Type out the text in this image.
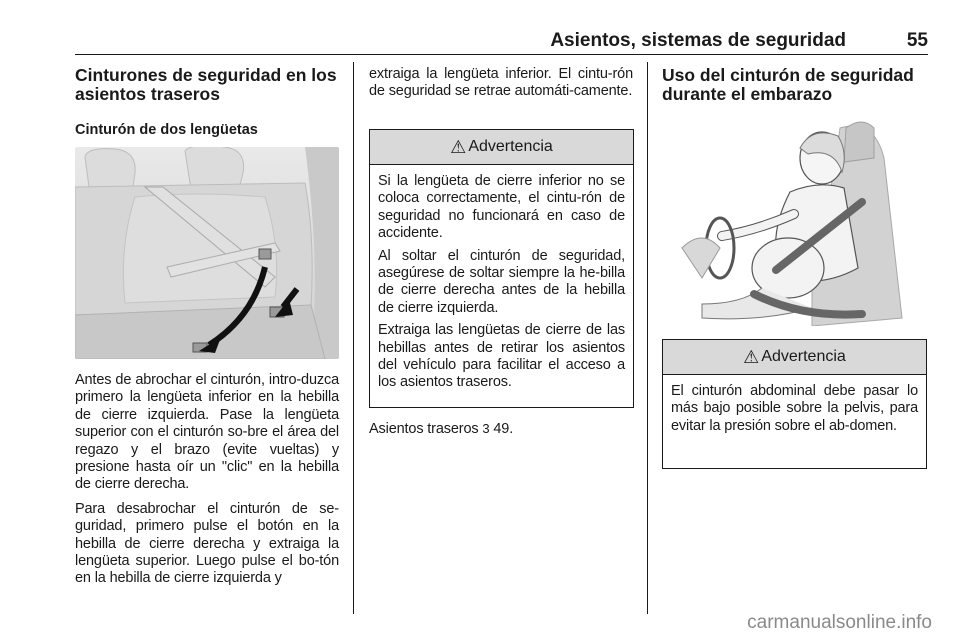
Asientos, sistemas de seguridad	55
Cinturones de seguridad en los asientos traseros
Cinturón de dos lengüetas

Antes de abrochar el cinturón, intro-duzca primero la lengüeta inferior en la hebilla de cierre izquierda. Pase la lengüeta superior con el cinturón so-bre el área del regazo y el brazo (evite vueltas) y presione hasta oír un "clic" en la hebilla de cierre derecha.

Para desabrochar el cinturón de se-guridad, primero pulse el botón en la hebilla de cierre derecha y extraiga la lengüeta superior. Luego pulse el bo-tón en la hebilla de cierre izquierda y

extraiga la lengüeta inferior. El cintu-rón de seguridad se retrae automáti-camente.

⚠ Advertencia

Si la lengüeta de cierre inferior no se coloca correctamente, el cintu-rón de seguridad no funcionará en caso de accidente.

Al soltar el cinturón de seguridad, asegúrese de soltar siempre la he-billa de cierre derecha antes de la hebilla de cierre izquierda.

Extraiga las lengüetas de cierre de las hebillas antes de retirar los asientos del vehículo para facilitar el acceso a los asientos traseros.

Asientos traseros 3 49.

Uso del cinturón de seguridad durante el embarazo
⚠ Advertencia

El cinturón abdominal debe pasar lo más bajo posible sobre la pelvis, para evitar la presión sobre el ab-domen.

carmanualsonline.info
